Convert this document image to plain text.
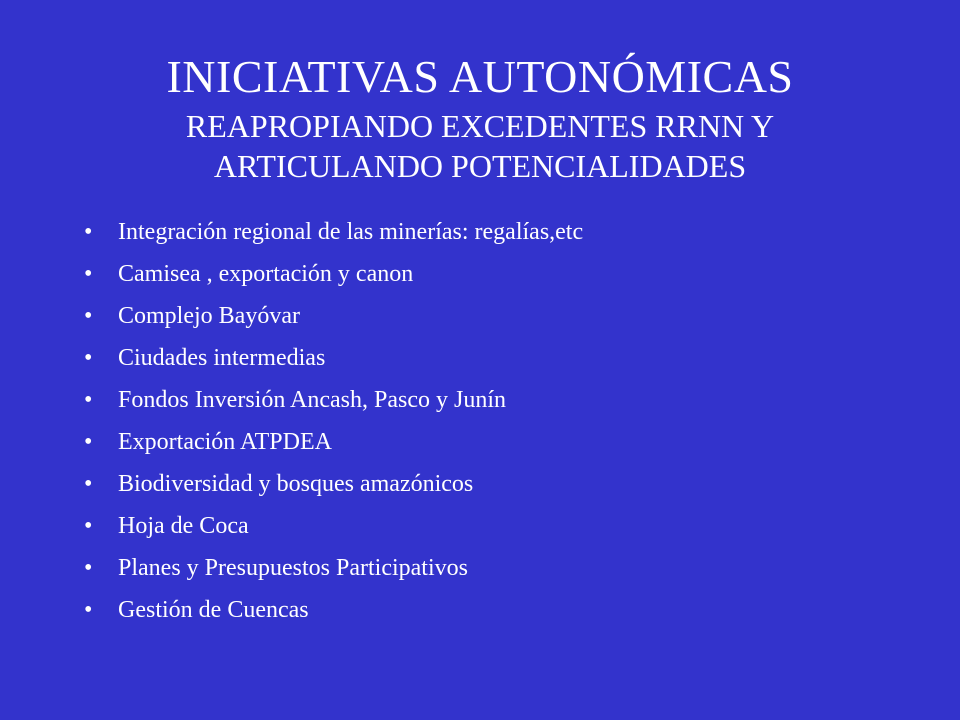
INICIATIVAS AUTONÓMICAS
REAPROPIANDO EXCEDENTES RRNN Y
ARTICULANDO POTENCIALIDADES
• Integración regional de las minerías: regalías,etc
• Camisea , exportación y canon
• Complejo Bayóvar
• Ciudades intermedias
• Fondos Inversión Ancash, Pasco y Junín
• Exportación ATPDEA
• Biodiversidad y bosques amazónicos
• Hoja de Coca
• Planes y Presupuestos Participativos
• Gestión de Cuencas
